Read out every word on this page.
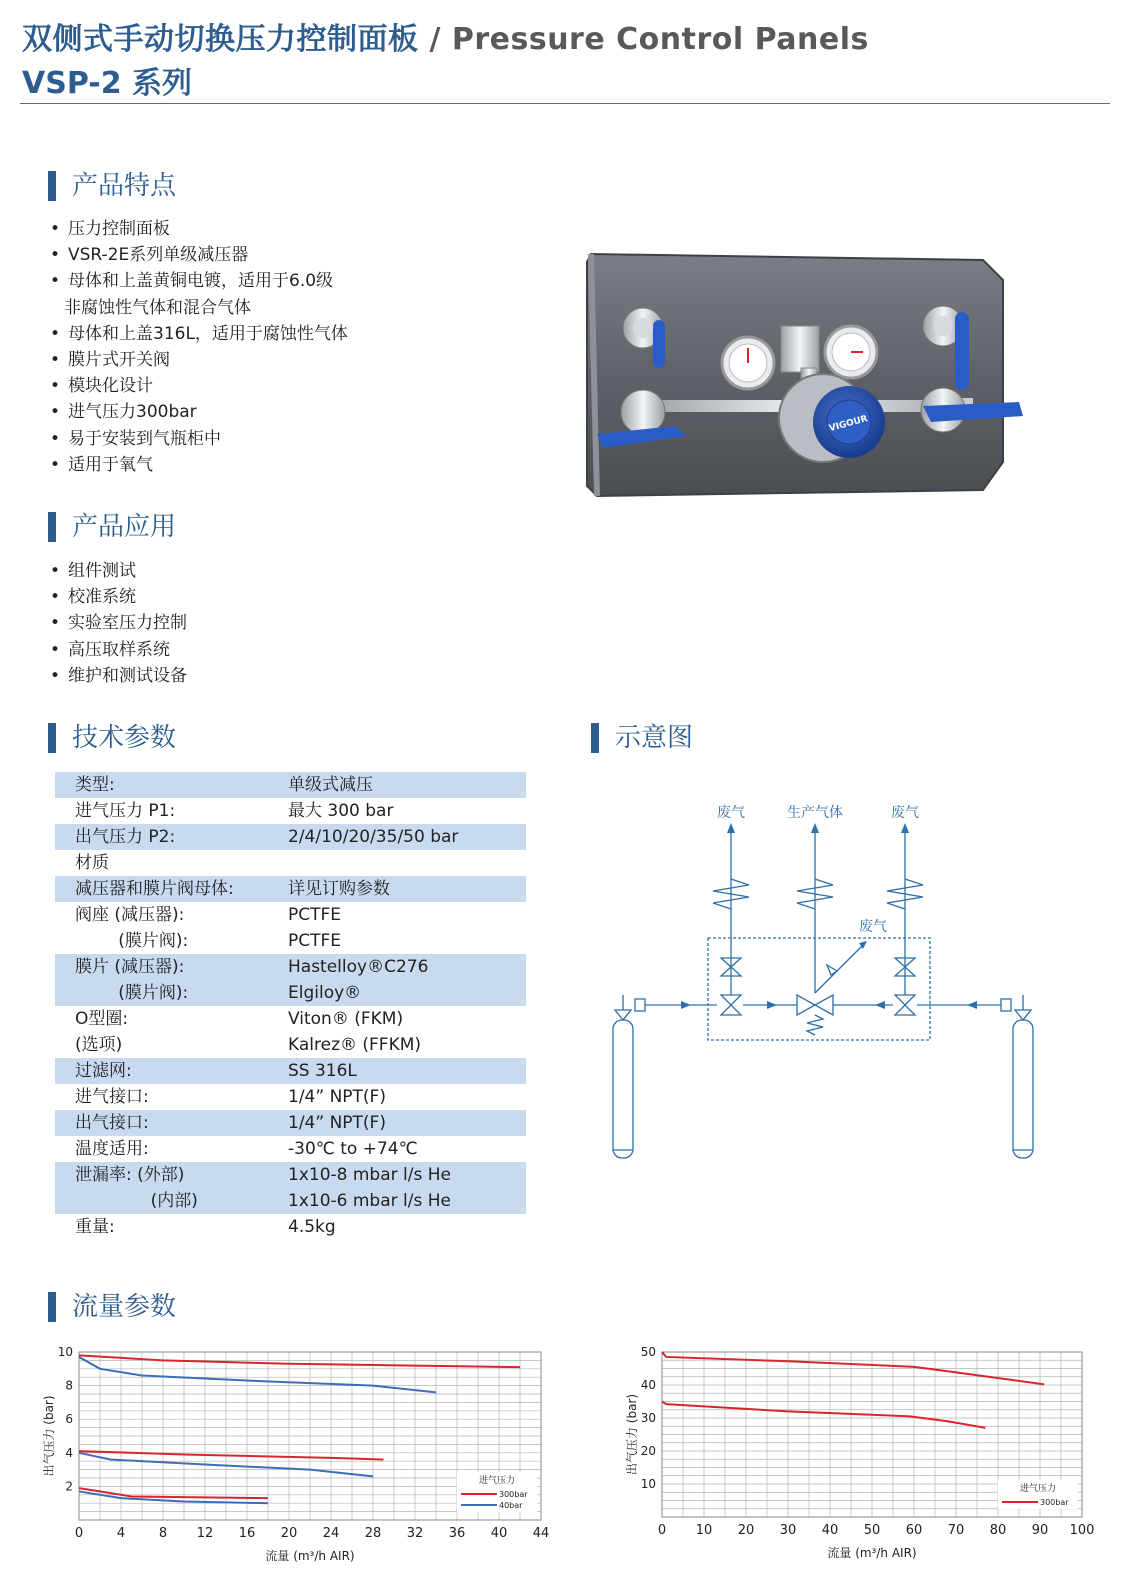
双侧式手动切换压力控制面板 / Pressure Control Panels
VSP-2 系列
产品特点
• 压力控制面板
• VSR-2E系列单级减压器
• 母体和上盖黄铜电镀，适用于6.0级
非腐蚀性气体和混合气体
• 母体和上盖316L，适用于腐蚀性气体
• 膜片式开关阀
• 模块化设计
• 进气压力300bar
• 易于安装到气瓶柜中
• 适用于氧气
VIGOUR
产品应用
• 组件测试
• 校准系统
• 实验室压力控制
• 高压取样系统
• 维护和测试设备
技术参数
类型:	单级式减压
进气压力 P1:	最大 300 bar
出气压力 P2:	2/4/10/20/35/50 bar
材质	
减压器和膜片阀母体:	详见订购参数
阀座 (减压器):	PCTFE
(膜片阀):	PCTFE
膜片 (减压器):	Hastelloy®C276
(膜片阀):	Elgiloy®
O型圈:	Viton® (FKM)
(选项)	Kalrez® (FFKM)
过滤网:	SS 316L
进气接口:	1/4” NPT(F)
出气接口:	1/4” NPT(F)
温度适用:	-30℃ to +74℃
泄漏率: (外部)	1x10-8 mbar l/s He
(内部)	1x10-6 mbar l/s He
重量:	4.5kg
示意图
废气	生产气体	废气
废气
流量参数
0	4	8 12 16 20 24 28 32 36 40 44
2
4
6
8
10
流量 (m³/h AIR)
出气压力 (bar)
进气压力
300bar
40bar
0 10 20 30 40 50 60 70 80 90 100
10
20
30
40
50
流量 (m³/h AIR)
出气压力 (bar)
进气压力
300bar
